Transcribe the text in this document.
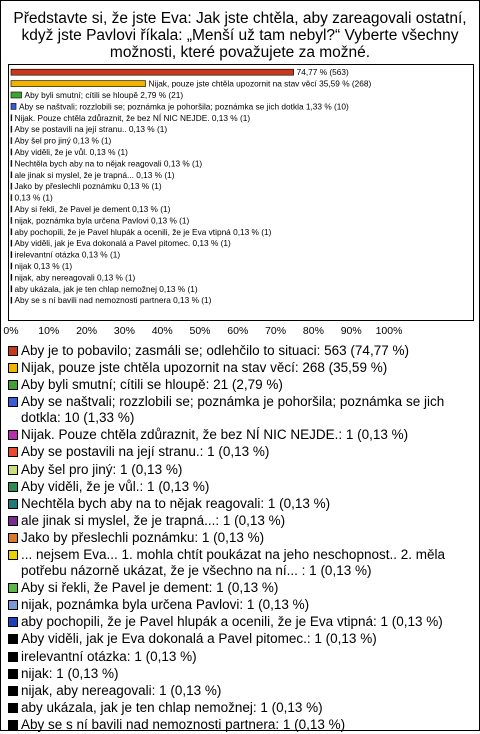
Představte si, že jste Eva: Jak jste chtěla, aby zareagovali ostatní, když jste Pavlovi říkala: „Menší už tam nebyl?“ Vyberte všechny možnosti, které považujete za možné.
74,77 % (563)
Nijak, pouze jste chtěla upozornit na stav věcí 35,59 % (268)
Aby byli smutní; cítili se hloupě 2,79 % (21)
Aby se naštvali; rozzlobili se; poznámka je pohoršila; poznámka se jich dotkla 1,33 % (10)
Nijak. Pouze chtěla zdůraznit, že bez NÍ NIC NEJDE. 0,13 % (1)
Aby se postavili na její stranu.. 0,13 % (1)
Aby šel pro jiný 0,13 % (1)
Aby viděli, že je vůl. 0,13 % (1)
Nechtěla bych aby na to nějak reagovali 0,13 % (1)
ale jinak si myslel, že je trapná... 0,13 % (1)
Jako by přeslechli poznámku 0,13 % (1)
0,13 % (1)
Aby si řekli, že Pavel je dement 0,13 % (1)
nijak, poznámka byla určena Pavlovi 0,13 % (1)
aby pochopili, že je Pavel hlupák a ocenili, že je Eva vtipná 0,13 % (1)
Aby viděli, jak je Eva dokonalá a Pavel pitomec. 0,13 % (1)
irelevantní otázka 0,13 % (1)
nijak 0,13 % (1)
nijak, aby nereagovali 0,13 % (1)
aby ukázala, jak je ten chlap nemožnej 0,13 % (1)
Aby se s ní bavili nad nemoznosti partnera 0,13 % (1)
0% 10% 20% 30% 40% 50% 60% 70% 80% 90% 100%
Aby je to pobavilo; zasmáli se; odlehčilo to situaci: 563 (74,77 %)
Nijak, pouze jste chtěla upozornit na stav věcí: 268 (35,59 %)
Aby byli smutní; cítili se hloupě: 21 (2,79 %)
Aby se naštvali; rozzlobili se; poznámka je pohoršila; poznámka se jich dotkla: 10 (1,33 %)
Nijak. Pouze chtěla zdůraznit, že bez NÍ NIC NEJDE.: 1 (0,13 %)
Aby se postavili na její stranu.: 1 (0,13 %)
Aby šel pro jiný: 1 (0,13 %)
Aby viděli, že je vůl.: 1 (0,13 %)
Nechtěla bych aby na to nějak reagovali: 1 (0,13 %)
ale jinak si myslel, že je trapná...: 1 (0,13 %)
Jako by přeslechli poznámku: 1 (0,13 %)
... nejsem Eva... 1. mohla chtít poukázat na jeho neschopnost.. 2. měla potřebu názorně ukázat, že je všechno na ní... : 1 (0,13 %)
Aby si řekli, že Pavel je dement: 1 (0,13 %)
nijak, poznámka byla určena Pavlovi: 1 (0,13 %)
aby pochopili, že je Pavel hlupák a ocenili, že je Eva vtipná: 1 (0,13 %)
Aby viděli, jak je Eva dokonalá a Pavel pitomec.: 1 (0,13 %)
irelevantní otázka: 1 (0,13 %)
nijak: 1 (0,13 %)
nijak, aby nereagovali: 1 (0,13 %)
aby ukázala, jak je ten chlap nemožnej: 1 (0,13 %)
Aby se s ní bavili nad nemoznosti partnera: 1 (0,13 %)
